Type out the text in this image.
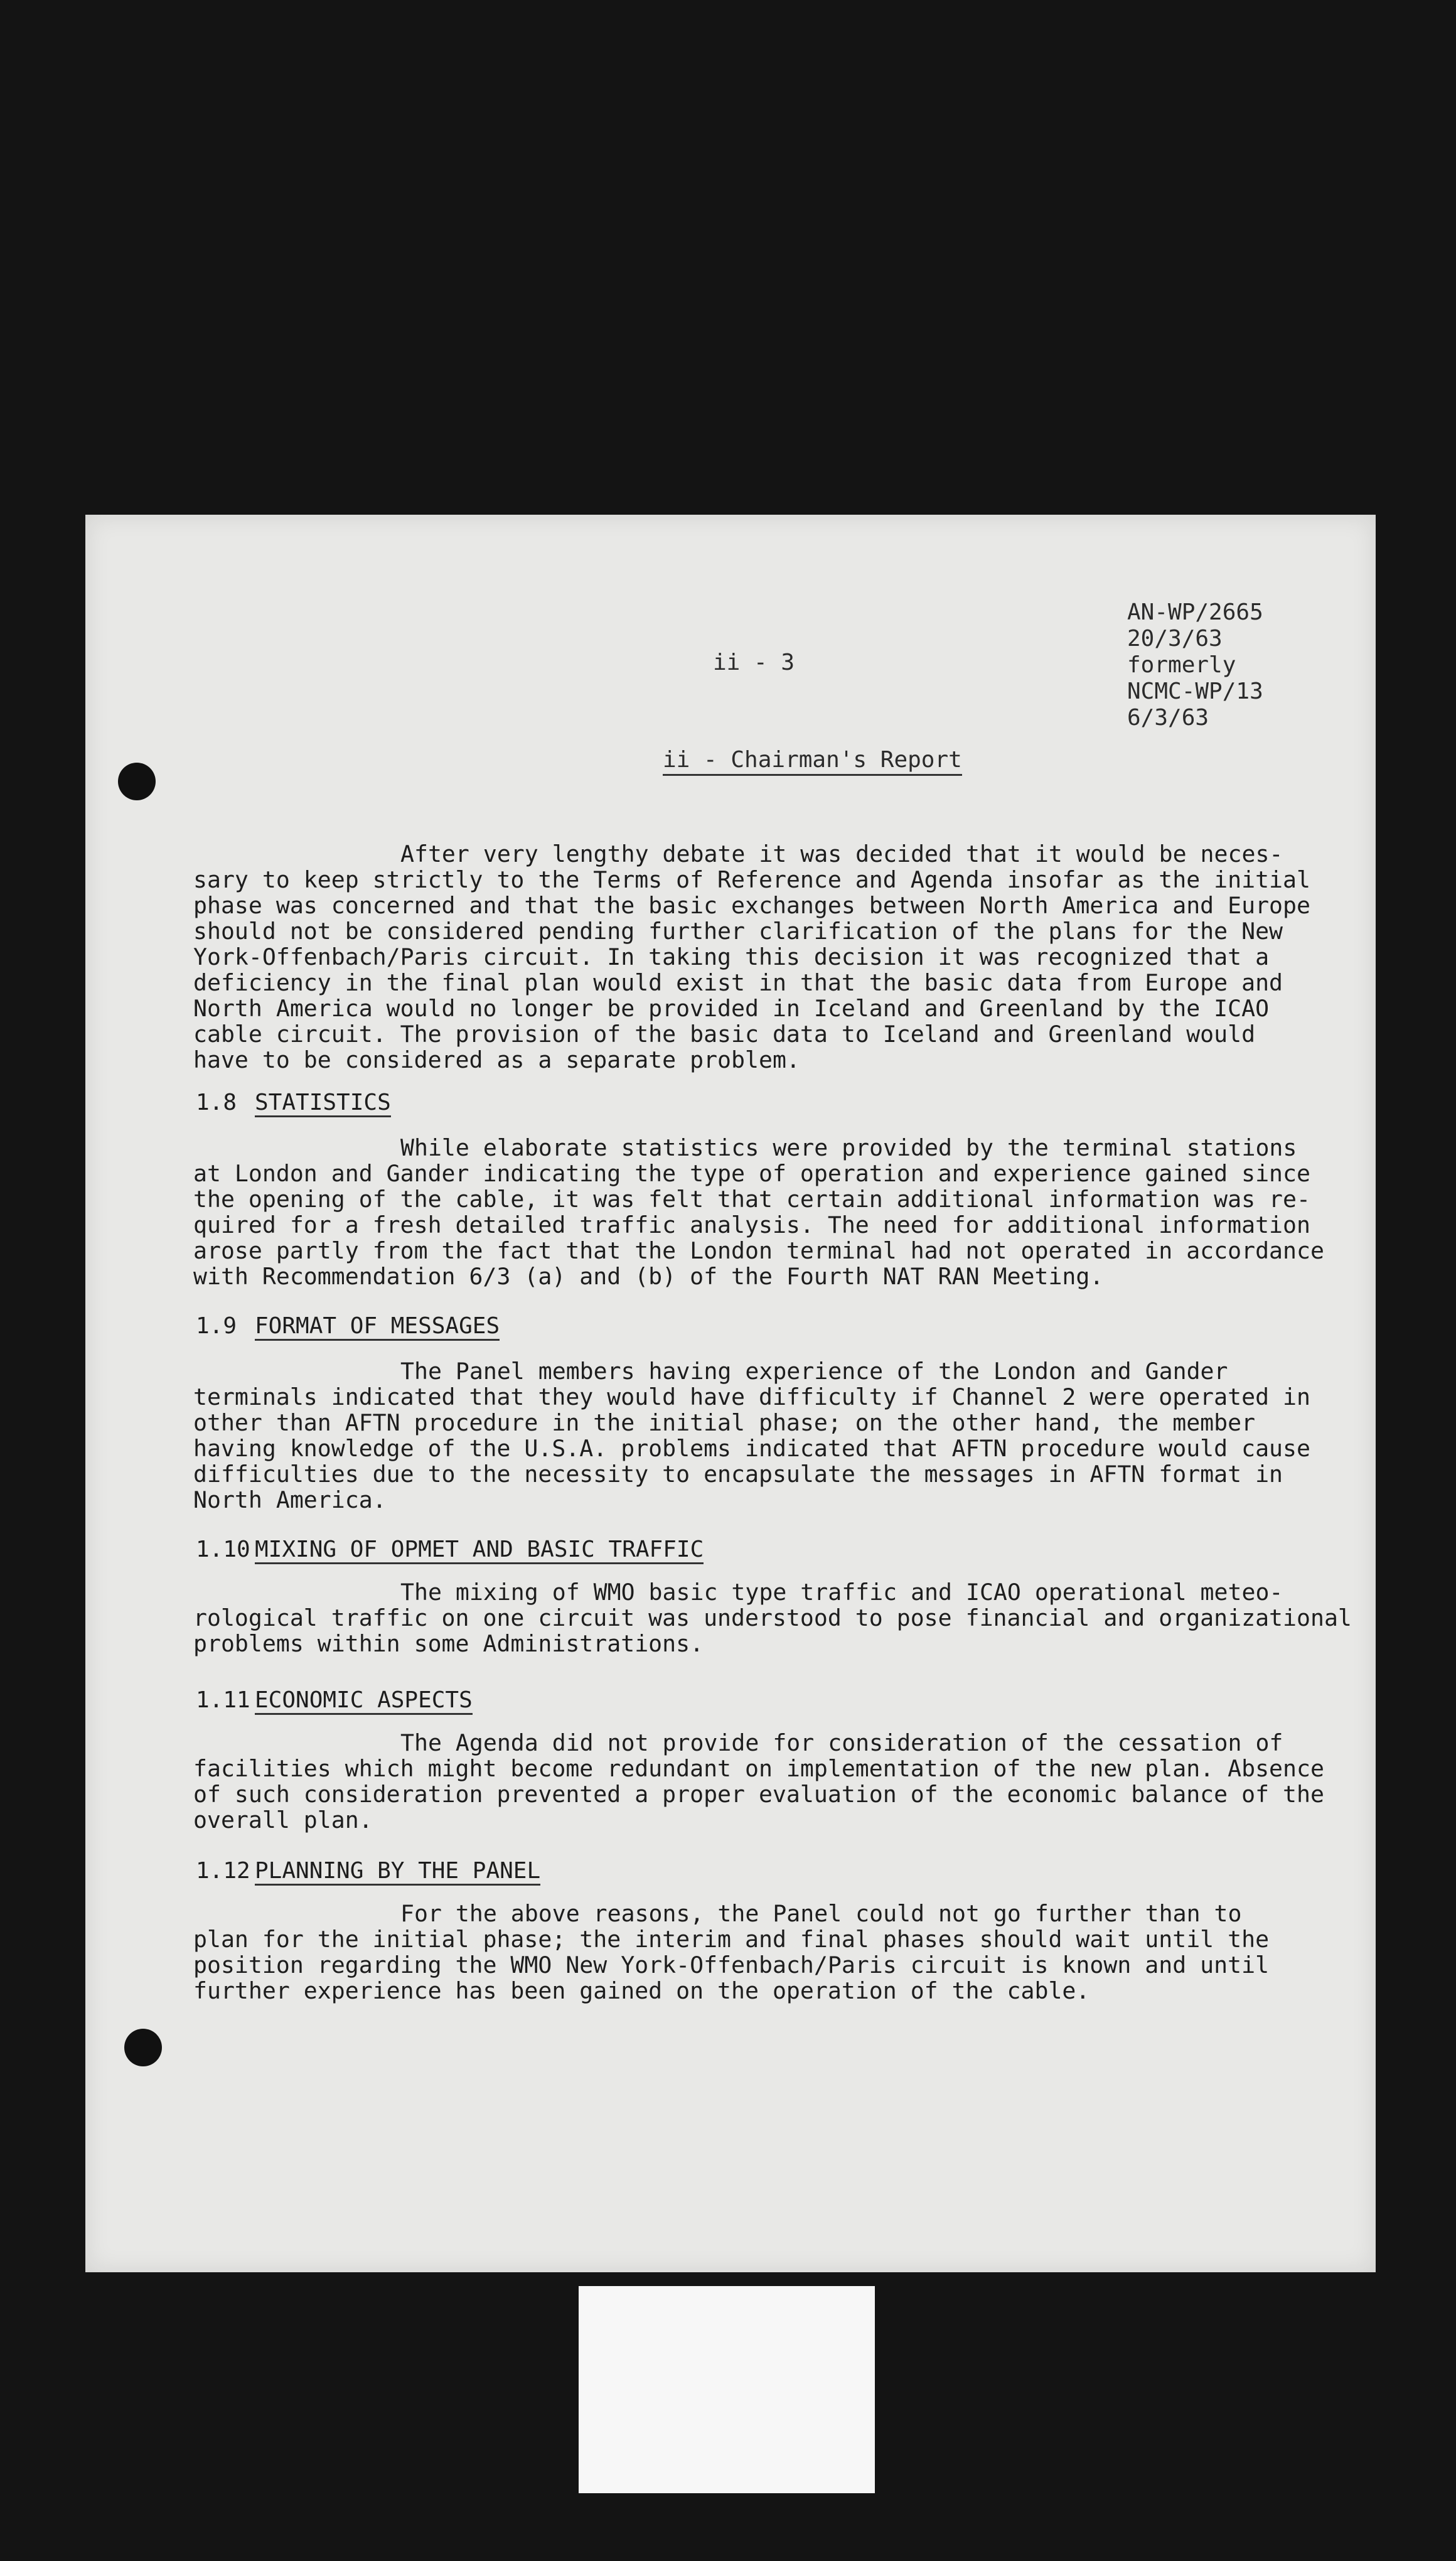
AN-WP/2665
20/3/63
formerly
NCMC-WP/13
6/3/63
ii - 3
ii - Chairman's Report
After very lengthy debate it was decided that it would be neces-
sary to keep strictly to the Terms of Reference and Agenda insofar as the initial
phase was concerned and that the basic exchanges between North America and Europe
should not be considered pending further clarification of the plans for the New
York-Offenbach/Paris circuit. In taking this decision it was recognized that a
deficiency in the final plan would exist in that the basic data from Europe and
North America would no longer be provided in Iceland and Greenland by the ICAO
cable circuit. The provision of the basic data to Iceland and Greenland would
have to be considered as a separate problem.
1.8 STATISTICS
While elaborate statistics were provided by the terminal stations
at London and Gander indicating the type of operation and experience gained since
the opening of the cable, it was felt that certain additional information was re-
quired for a fresh detailed traffic analysis. The need for additional information
arose partly from the fact that the London terminal had not operated in accordance
with Recommendation 6/3 (a) and (b) of the Fourth NAT RAN Meeting.
1.9 FORMAT OF MESSAGES
The Panel members having experience of the London and Gander
terminals indicated that they would have difficulty if Channel 2 were operated in
other than AFTN procedure in the initial phase; on the other hand, the member
having knowledge of the U.S.A. problems indicated that AFTN procedure would cause
difficulties due to the necessity to encapsulate the messages in AFTN format in
North America.
1.10 MIXING OF OPMET AND BASIC TRAFFIC
The mixing of WMO basic type traffic and ICAO operational meteo-
rological traffic on one circuit was understood to pose financial and organizational
problems within some Administrations.
1.11 ECONOMIC ASPECTS
The Agenda did not provide for consideration of the cessation of
facilities which might become redundant on implementation of the new plan. Absence
of such consideration prevented a proper evaluation of the economic balance of the
overall plan.
1.12 PLANNING BY THE PANEL
For the above reasons, the Panel could not go further than to
plan for the initial phase; the interim and final phases should wait until the
position regarding the WMO New York-Offenbach/Paris circuit is known and until
further experience has been gained on the operation of the cable.
